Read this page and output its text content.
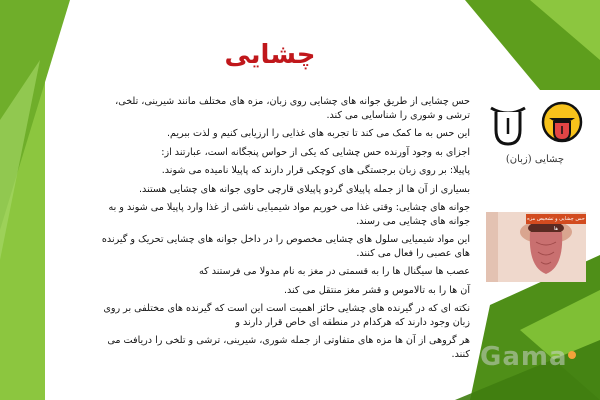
چشایی

حس چشایی از طریق جوانه های چشایی روی زبان، مزه های مختلف مانند شیرینی، تلخی، ترشی و شوری را شناسایی می کند.

این حس به ما کمک می کند تا تجربه های غذایی را ارزیابی کنیم و لذت ببریم.

اجزای به وجود آورنده حس چشایی که یکی از حواس پنجگانه است، عبارتند از:

پاپیلا: بر روی زبان برجستگی های کوچکی قرار دارند که پاپیلا نامیده می شوند.

بسیاری از آن ها از جمله پاپیلای گردو پاپیلای قارچی حاوی جوانه های چشایی هستند.

جوانه های چشایی: وقتی غذا می خوریم مواد شیمیایی ناشی از غذا وارد پاپیلا می شوند و به جوانه های چشایی می رسند.

این مواد شیمیایی سلول های چشایی مخصوص را در داخل جوانه های چشایی تحریک و گیرنده های عصبی را فعال می کنند.

عصب ها سیگنال ها را به قسمتی در مغز به نام مدولا می فرستند که

آن ها را به تالاموس و قشر مغز منتقل می کند.

نکته ای که در گیرنده های چشایی حائز اهمیت است این است که گیرنده های مختلفی بر روی زبان وجود دارند که هرکدام در منطقه ای خاص قرار دارند و

هر گروهی از آن ها مزه های متفاوتی از جمله شوری، شیرینی، ترشی و تلخی را دریافت می کنند.

چشایی (زبان)
حس چشایی و تشخیص مزه ها
Gama
